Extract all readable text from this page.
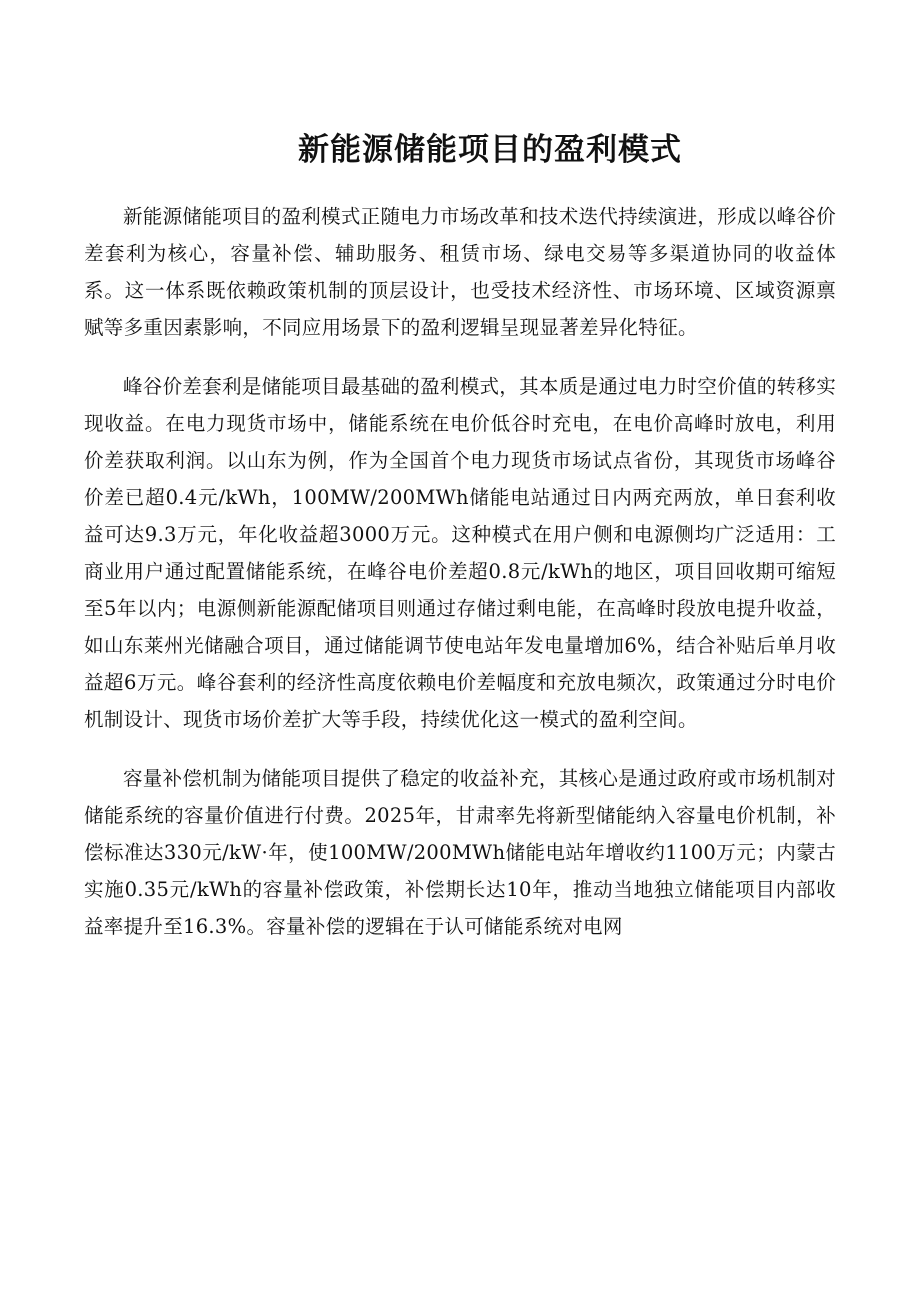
新能源储能项目的盈利模式

新能源储能项目的盈利模式正随电力市场改革和技术迭代持续演进，形成以峰谷价差套利为核心，容量补偿、辅助服务、租赁市场、绿电交易等多渠道协同的收益体系。这一体系既依赖政策机制的顶层设计，也受技术经济性、市场环境、区域资源禀赋等多重因素影响，不同应用场景下的盈利逻辑呈现显著差异化特征。

峰谷价差套利是储能项目最基础的盈利模式，其本质是通过电力时空价值的转移实现收益。在电力现货市场中，储能系统在电价低谷时充电，在电价高峰时放电，利用价差获取利润。以山东为例，作为全国首个电力现货市场试点省份，其现货市场峰谷价差已超0.4元/kWh，100MW/200MWh储能电站通过日内两充两放，单日套利收益可达9.3万元，年化收益超3000万元。这种模式在用户侧和电源侧均广泛适用：工商业用户通过配置储能系统，在峰谷电价差超0.8元/kWh的地区，项目回收期可缩短至5年以内；电源侧新能源配储项目则通过存储过剩电能，在高峰时段放电提升收益，如山东莱州光储融合项目，通过储能调节使电站年发电量增加6%，结合补贴后单月收益超6万元。峰谷套利的经济性高度依赖电价差幅度和充放电频次，政策通过分时电价机制设计、现货市场价差扩大等手段，持续优化这一模式的盈利空间。

容量补偿机制为储能项目提供了稳定的收益补充，其核心是通过政府或市场机制对储能系统的容量价值进行付费。2025年，甘肃率先将新型储能纳入容量电价机制，补偿标准达330元/kW·年，使100MW/200MWh储能电站年增收约1100万元；内蒙古实施0.35元/kWh的容量补偿政策，补偿期长达10年，推动当地独立储能项目内部收益率提升至16.3%。容量补偿的逻辑在于认可储能系统对电网
